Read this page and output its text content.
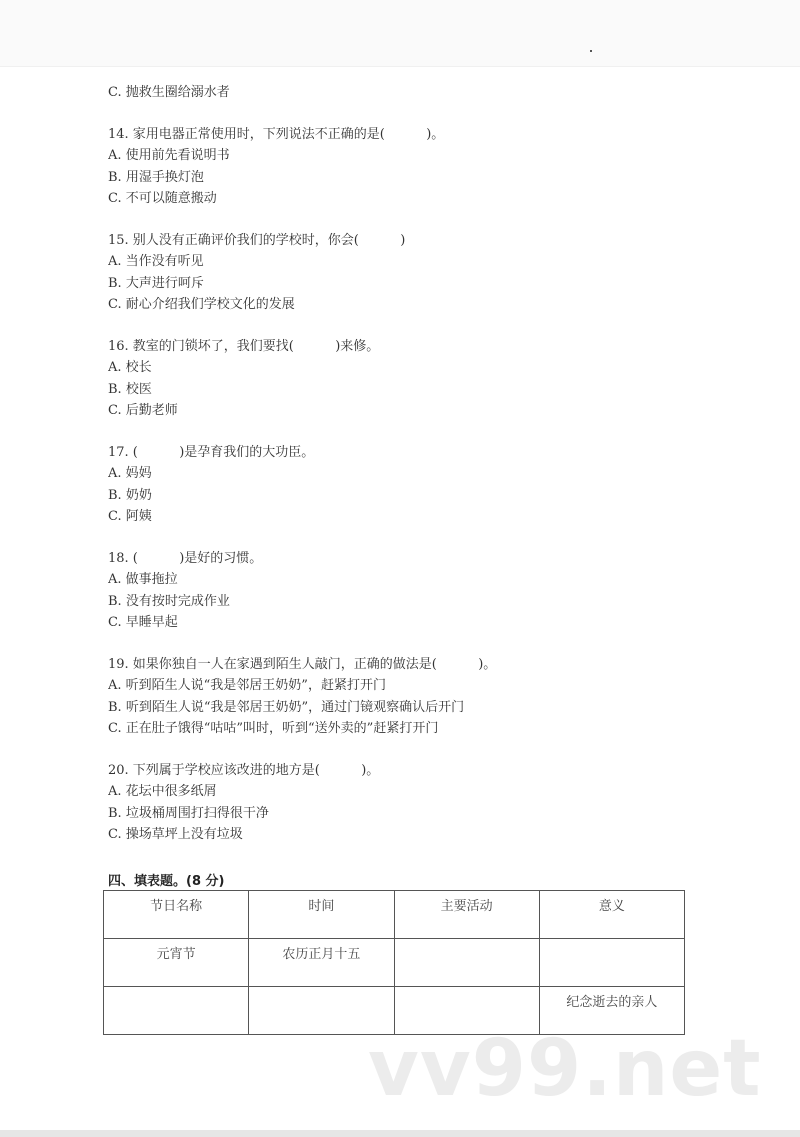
C. 抛救生圈给溺水者
14. 家用电器正常使用时，下列说法不正确的是(          )。
A. 使用前先看说明书
B. 用湿手换灯泡
C. 不可以随意搬动
15. 别人没有正确评价我们的学校时，你会(          )
A. 当作没有听见
B. 大声进行呵斥
C. 耐心介绍我们学校文化的发展
16. 教室的门锁坏了，我们要找(          )来修。
A. 校长
B. 校医
C. 后勤老师
17. (          )是孕育我们的大功臣。
A. 妈妈
B. 奶奶
C. 阿姨
18. (          )是好的习惯。
A. 做事拖拉
B. 没有按时完成作业
C. 早睡早起
19. 如果你独自一人在家遇到陌生人敲门，正确的做法是(          )。
A. 听到陌生人说“我是邻居王奶奶”，赶紧打开门
B. 听到陌生人说“我是邻居王奶奶”，通过门镜观察确认后开门
C. 正在肚子饿得“咕咕”叫时，听到“送外卖的”赶紧打开门
20. 下列属于学校应该改进的地方是(          )。
A. 花坛中很多纸屑
B. 垃圾桶周围打扫得很干净
C. 操场草坪上没有垃圾
四、填表题。(8 分)
节日名称	时间	主要活动	意义
元宵节	农历正月十五		
			纪念逝去的亲人
vv99.net
